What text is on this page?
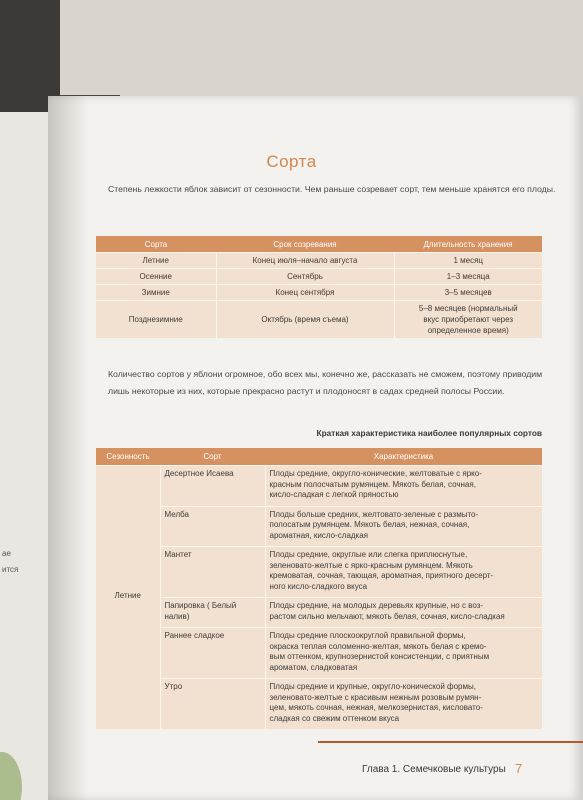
ае
ится
Сорта
Степень лежкости яблок зависит от сезонности. Чем раньше созревает сорт, тем меньше хранятся его плоды.
Сорта	Срок созревания	Длительность хранения
Летние	Конец июля–начало августа	1 месяц
Осенние	Сентябрь	1–3 месяца
Зимние	Конец сентября	3–5 месяцев
Позднезимние	Октябрь (время съема)	5–8 месяцев (нормальный
вкус приобретают через
определенное время)
Количество сортов у яблони огромное, обо всех мы, конечно же, рассказать не сможем, поэтому приводим лишь некоторые из них, которые прекрасно растут и плодоносят в садах средней полосы России.
Краткая характеристика наиболее популярных сортов
Сезонность	Сорт	Характеристика
Летние	Десертное Исаева	Плоды средние, округло-конические, желтоватые с ярко-
красным полосчатым румянцем. Мякоть белая, сочная,
кисло-сладкая с легкой пряностью
	Мелба	Плоды больше средних, желтовато-зеленые с размыто-
полосатым румянцем. Мякоть белая, нежная, сочная,
ароматная, кисло-сладкая
	Мантет	Плоды средние, округлые или слегка приплюснутые,
зеленовато-желтые с ярко-красным румянцем. Мякоть
кремоватая, сочная, тающая, ароматная, приятного десерт-
ного кисло-сладкого вкуса
	Папировка ( Белый
налив)	Плоды средние, на молодых деревьях крупные, но с воз-
растом сильно мельчают, мякоть белая, сочная, кисло-сладкая
	Раннее сладкое	Плоды средние плоскоокруглой правильной формы,
окраска теплая соломенно-желтая, мякоть белая с кремо-
вым оттенком, крупнозернистой консистенции, с приятным
ароматом, сладковатая
	Утро	Плоды средние и крупные, округло-конической формы,
зеленовато-желтые с красивым нежным розовым румян-
цем, мякоть сочная, нежная, мелкозернистая, кисловато-
сладкая со свежим оттенком вкуса
Глава 1. Семечковые культуры 7
